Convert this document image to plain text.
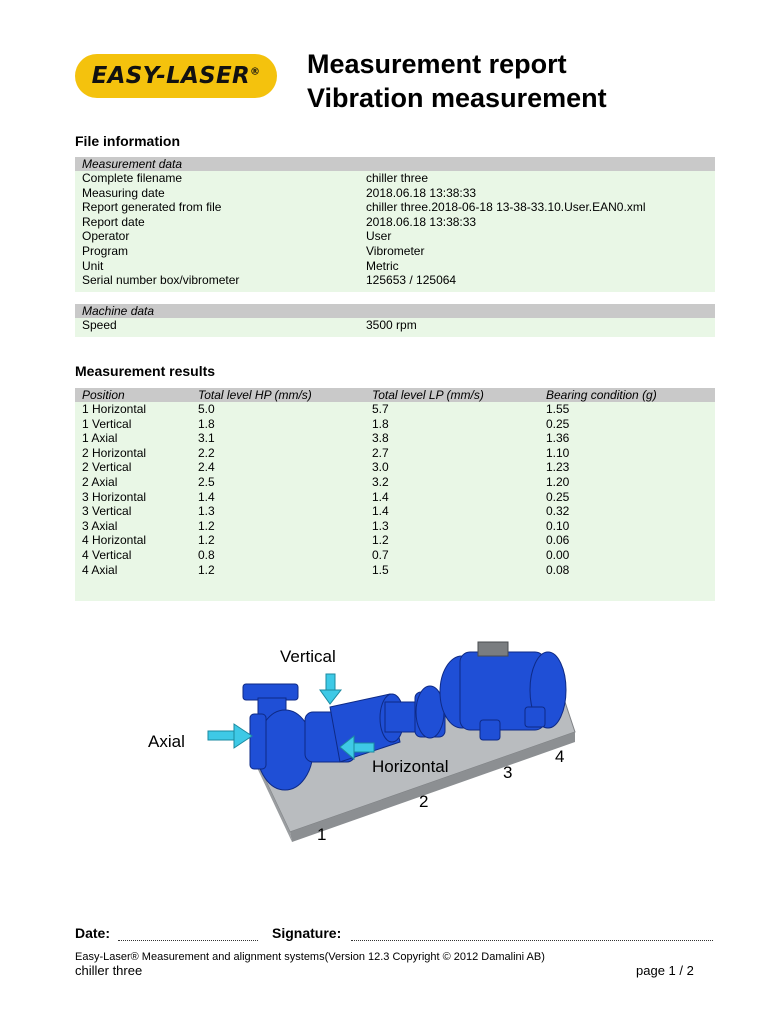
EASY-LASER® Measurement report
Vibration measurement
File information
Measurement data
Complete filename	chiller three
Measuring date	2018.06.18 13:38:33
Report generated from file	chiller three.2018-06-18 13-38-33.10.User.EAN0.xml
Report date	2018.06.18 13:38:33
Operator	User
Program	Vibrometer
Unit	Metric
Serial number box/vibrometer	125653 / 125064
Machine data
Speed	3500 rpm
Measurement results
Position	Total level HP (mm/s)	Total level LP (mm/s)	Bearing condition (g)
1 Horizontal	5.0	5.7	1.55
1 Vertical	1.8	1.8	0.25
1 Axial	3.1	3.8	1.36
2 Horizontal	2.2	2.7	1.10
2 Vertical	2.4	3.0	1.23
2 Axial	2.5	3.2	1.20
3 Horizontal	1.4	1.4	0.25
3 Vertical	1.3	1.4	0.32
3 Axial	1.2	1.3	0.10
4 Horizontal	1.2	1.2	0.06
4 Vertical	0.8	0.7	0.00
4 Axial	1.2	1.5	0.08
Vertical
Axial
Horizontal
1
2
3
4
Date:	Signature:
Easy-Laser® Measurement and alignment systems(Version 12.3 Copyright © 2012 Damalini AB)
chiller three	page 1 / 2
